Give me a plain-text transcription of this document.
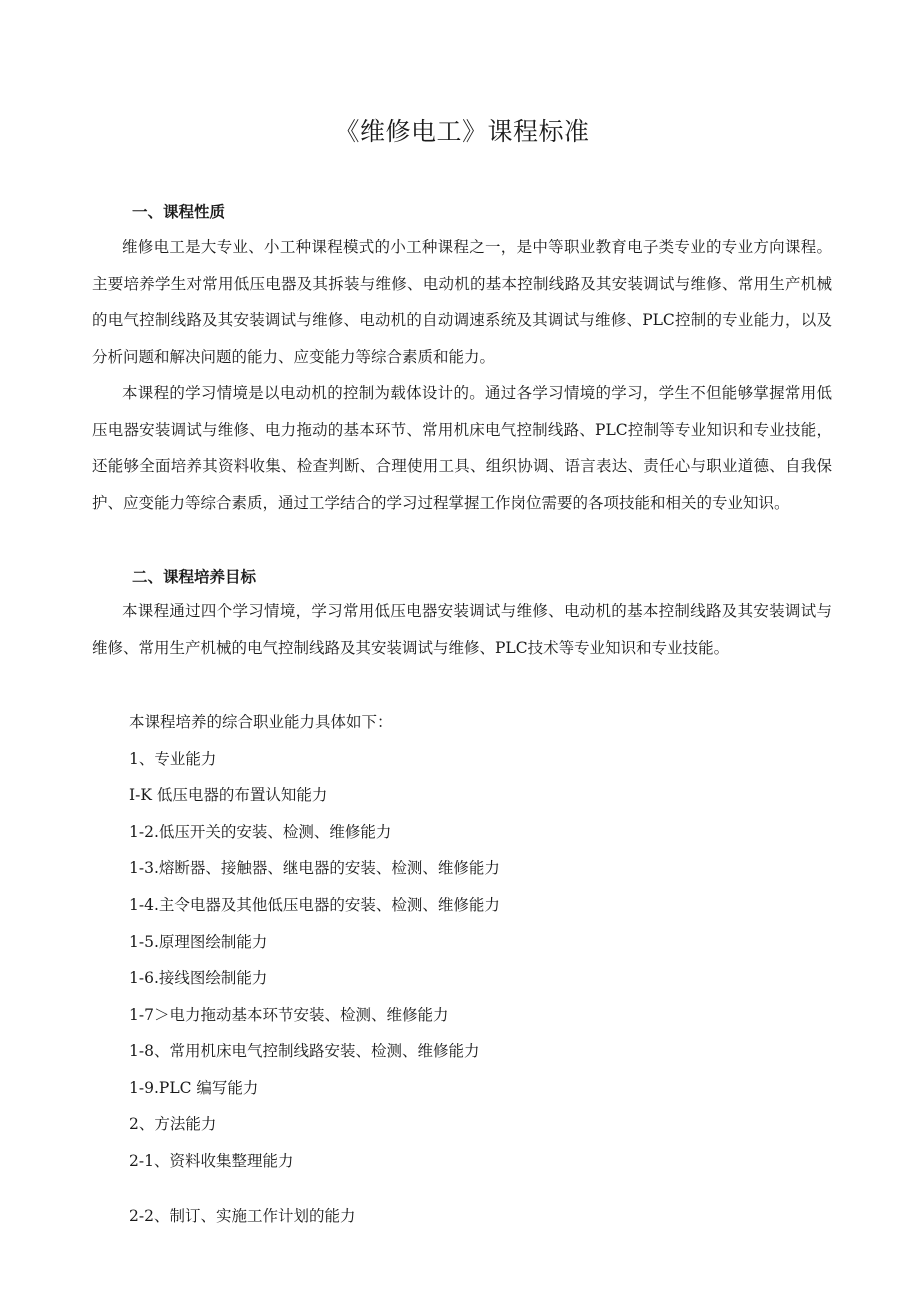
《维修电工》课程标准
一、课程性质
维修电工是大专业、小工种课程模式的小工种课程之一，是中等职业教育电子类专业的专业方向课程。主要培养学生对常用低压电器及其拆装与维修、电动机的基本控制线路及其安装调试与维修、常用生产机械的电气控制线路及其安装调试与维修、电动机的自动调速系统及其调试与维修、PLC控制的专业能力，以及分析问题和解决问题的能力、应变能力等综合素质和能力。
本课程的学习情境是以电动机的控制为载体设计的。通过各学习情境的学习，学生不但能够掌握常用低压电器安装调试与维修、电力拖动的基本环节、常用机床电气控制线路、PLC控制等专业知识和专业技能，还能够全面培养其资料收集、检查判断、合理使用工具、组织协调、语言表达、责任心与职业道德、自我保护、应变能力等综合素质，通过工学结合的学习过程掌握工作岗位需要的各项技能和相关的专业知识。
二、课程培养目标
本课程通过四个学习情境，学习常用低压电器安装调试与维修、电动机的基本控制线路及其安装调试与维修、常用生产机械的电气控制线路及其安装调试与维修、PLC技术等专业知识和专业技能。
本课程培养的综合职业能力具体如下：
1、专业能力
I-K 低压电器的布置认知能力
1-2.低压开关的安装、检测、维修能力
1-3.熔断器、接触器、继电器的安装、检测、维修能力
1-4.主令电器及其他低压电器的安装、检测、维修能力
1-5.原理图绘制能力
1-6.接线图绘制能力
1-7＞电力拖动基本环节安装、检测、维修能力
1-8、常用机床电气控制线路安装、检测、维修能力
1-9.PLC 编写能力
2、方法能力
2-1、资料收集整理能力
2-2、制订、实施工作计划的能力
